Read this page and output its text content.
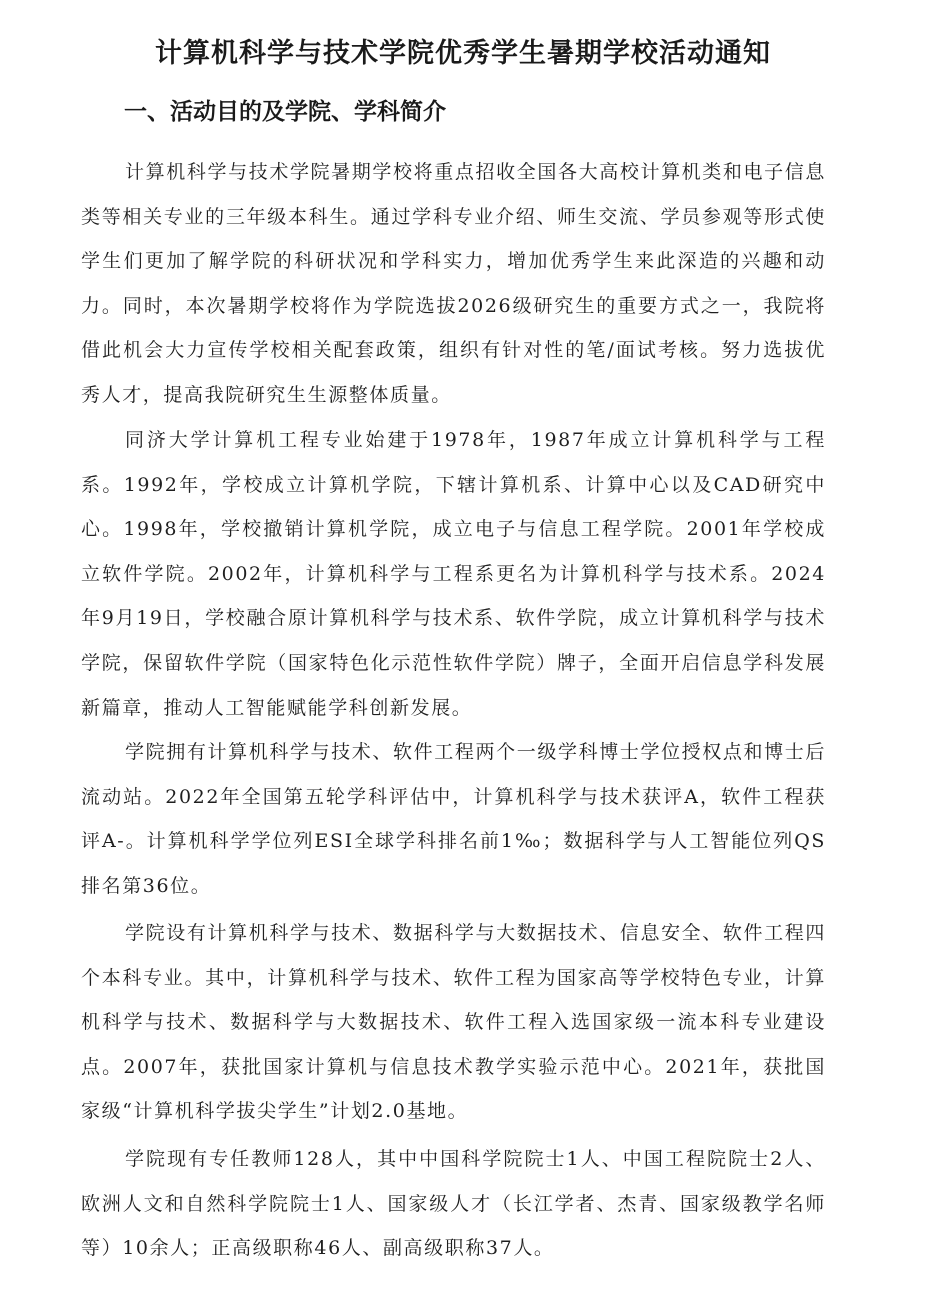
计算机科学与技术学院优秀学生暑期学校活动通知
一、活动目的及学院、学科简介

计算机科学与技术学院暑期学校将重点招收全国各大高校计算机类和电子信息类等相关专业的三年级本科生。通过学科专业介绍、师生交流、学员参观等形式使学生们更加了解学院的科研状况和学科实力，增加优秀学生来此深造的兴趣和动力。同时，本次暑期学校将作为学院选拔2026级研究生的重要方式之一，我院将借此机会大力宣传学校相关配套政策，组织有针对性的笔/面试考核。努力选拔优秀人才，提高我院研究生生源整体质量。

同济大学计算机工程专业始建于1978年，1987年成立计算机科学与工程系。1992年，学校成立计算机学院，下辖计算机系、计算中心以及CAD研究中心。1998年，学校撤销计算机学院，成立电子与信息工程学院。2001年学校成立软件学院。2002年，计算机科学与工程系更名为计算机科学与技术系。2024年9月19日，学校融合原计算机科学与技术系、软件学院，成立计算机科学与技术学院，保留软件学院（国家特色化示范性软件学院）牌子，全面开启信息学科发展新篇章，推动人工智能赋能学科创新发展。

学院拥有计算机科学与技术、软件工程两个一级学科博士学位授权点和博士后流动站。2022年全国第五轮学科评估中，计算机科学与技术获评A，软件工程获评A-。计算机科学学位列ESI全球学科排名前1‰；数据科学与人工智能位列QS排名第36位。

学院设有计算机科学与技术、数据科学与大数据技术、信息安全、软件工程四个本科专业。其中，计算机科学与技术、软件工程为国家高等学校特色专业，计算机科学与技术、数据科学与大数据技术、软件工程入选国家级一流本科专业建设点。2007年，获批国家计算机与信息技术教学实验示范中心。2021年，获批国家级“计算机科学拔尖学生”计划2.0基地。

学院现有专任教师128人，其中中国科学院院士1人、中国工程院院士2人、欧洲人文和自然科学院院士1人、国家级人才（长江学者、杰青、国家级教学名师等）10余人；正高级职称46人、副高级职称37人。
